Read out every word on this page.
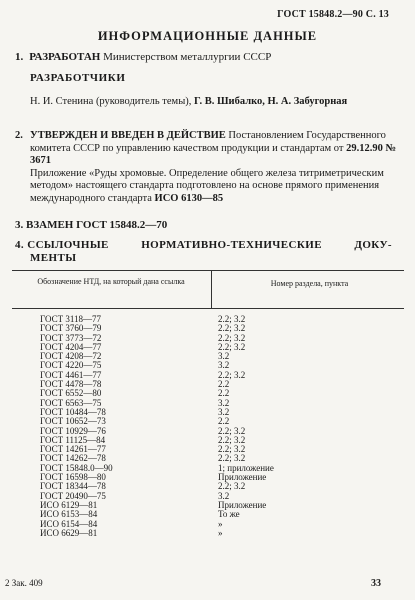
ГОСТ 15848.2—90 С. 13
ИНФОРМАЦИОННЫЕ ДАННЫЕ
1. РАЗРАБОТАН Министерством металлургии СССР
РАЗРАБОТЧИКИ
Н. И. Стенина (руководитель темы), Г. В. Шибалко, Н. А. Забугорная
2. УТВЕРЖДЕН И ВВЕДЕН В ДЕЙСТВИЕ Постановлением Государственного комитета СССР по управлению качеством продукции и стандартам от 29.12.90 № 3671
Приложение «Руды хромовые. Определение общего железа титриметрическим методом» настоящего стандарта подготовлено на основе прямого применения международного стандарта ИСО 6130—85
3. ВЗАМЕН ГОСТ 15848.2—70
4. ССЫЛОЧНЫЕ	НОРМАТИВНО-ТЕХНИЧЕСКИЕ	ДОКУ-
МЕНТЫ
Обозначение НТД, на который дана ссылка	Номер раздела, пункта
ГОСТ 3118—77	2.2; 3.2
ГОСТ 3760—79	2.2; 3.2
ГОСТ 3773—72	2.2; 3.2
ГОСТ 4204—77	2.2; 3.2
ГОСТ 4208—72	3.2
ГОСТ 4220—75	3.2
ГОСТ 4461—77	2.2; 3.2
ГОСТ 4478—78	2.2
ГОСТ 6552—80	2.2
ГОСТ 6563—75	3.2
ГОСТ 10484—78	3.2
ГОСТ 10652—73	2.2
ГОСТ 10929—76	2.2; 3.2
ГОСТ 11125—84	2.2; 3.2
ГОСТ 14261—77	2.2; 3.2
ГОСТ 14262—78	2.2; 3.2
ГОСТ 15848.0—90	1; приложение
ГОСТ 16598—80	Приложение
ГОСТ 18344—78	2.2; 3.2
ГОСТ 20490—75	3.2
ИСО 6129—81	Приложение
ИСО 6153—84	То же
ИСО 6154—84	»
ИСО 6629—81	»
2 Зак. 409	33
